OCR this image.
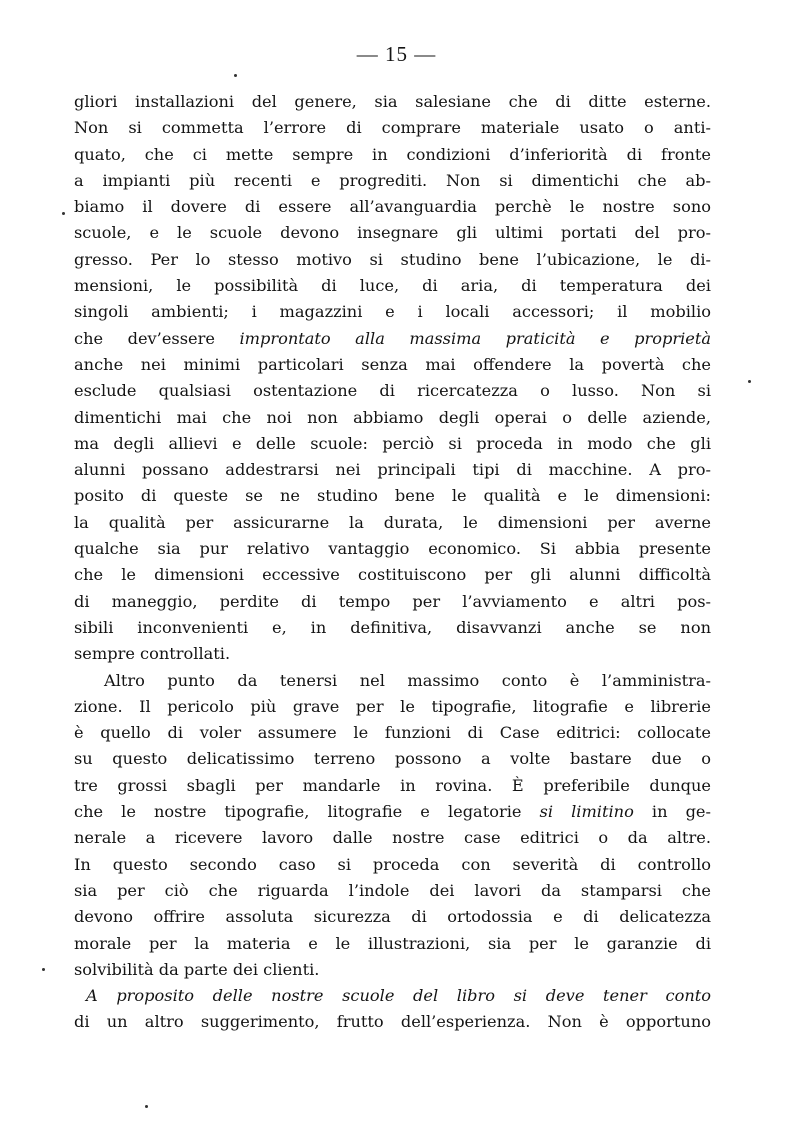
— 15 —
gliori installazioni del genere, sia salesiane che di ditte esterne.
Non si commetta l’errore di comprare materiale usato o anti-
quato, che ci mette sempre in condizioni d’inferiorità di fronte
a impianti più recenti e progrediti. Non si dimentichi che ab-
biamo il dovere di essere all’avanguardia perchè le nostre sono
scuole, e le scuole devono insegnare gli ultimi portati del pro-
gresso. Per lo stesso motivo si studino bene l’ubicazione, le di-
mensioni, le possibilità di luce, di aria, di temperatura dei
singoli ambienti; i magazzini e i locali accessori; il mobilio
che dev’essere improntato alla massima praticità e proprietà
anche nei minimi particolari senza mai offendere la povertà che
esclude qualsiasi ostentazione di ricercatezza o lusso. Non si
dimentichi mai che noi non abbiamo degli operai o delle aziende,
ma degli allievi e delle scuole: perciò si proceda in modo che gli
alunni possano addestrarsi nei principali tipi di macchine. A pro-
posito di queste se ne studino bene le qualità e le dimensioni:
la qualità per assicurarne la durata, le dimensioni per averne
qualche sia pur relativo vantaggio economico. Si abbia presente
che le dimensioni eccessive costituiscono per gli alunni difficoltà
di maneggio, perdite di tempo per l’avviamento e altri pos-
sibili inconvenienti e, in definitiva, disavvanzi anche se non
sempre controllati.
Altro punto da tenersi nel massimo conto è l’amministra-
zione. Il pericolo più grave per le tipografie, litografie e librerie
è quello di voler assumere le funzioni di Case editrici: collocate
su questo delicatissimo terreno possono a volte bastare due o
tre grossi sbagli per mandarle in rovina. È preferibile dunque
che le nostre tipografie, litografie e legatorie si limitino in ge-
nerale a ricevere lavoro dalle nostre case editrici o da altre.
In questo secondo caso si proceda con severità di controllo
sia per ciò che riguarda l’indole dei lavori da stamparsi che
devono offrire assoluta sicurezza di ortodossia e di delicatezza
morale per la materia e le illustrazioni, sia per le garanzie di
solvibilità da parte dei clienti.
A proposito delle nostre scuole del libro si deve tener conto
di un altro suggerimento, frutto dell’esperienza. Non è opportuno
